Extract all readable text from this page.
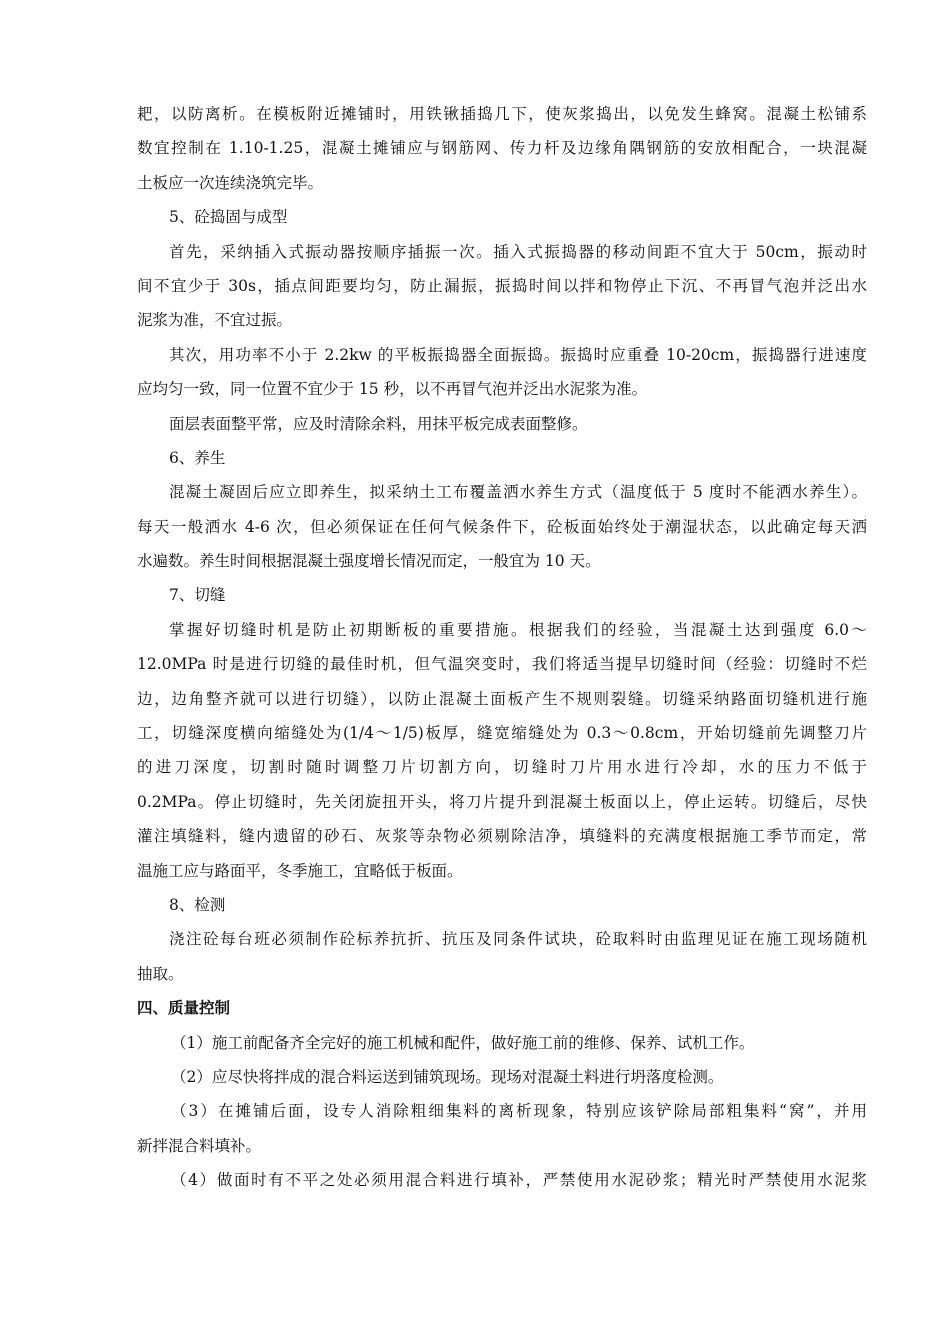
耙，以防离析。在模板附近摊铺时，用铁锹插捣几下，使灰浆捣出，以免发生蜂窝。混凝土松铺系
数宜控制在 1.10-1.25，混凝土摊铺应与钢筋网、传力杆及边缘角隅钢筋的安放相配合，一块混凝
土板应一次连续浇筑完毕。
5、砼捣固与成型
首先，采纳插入式振动器按顺序插振一次。插入式振捣器的移动间距不宜大于 50cm，振动时
间不宜少于 30s，插点间距要均匀，防止漏振，振捣时间以拌和物停止下沉、不再冒气泡并泛出水
泥浆为准，不宜过振。
其次，用功率不小于 2.2kw 的平板振捣器全面振捣。振捣时应重叠 10-20cm，振捣器行进速度
应均匀一致，同一位置不宜少于 15 秒，以不再冒气泡并泛出水泥浆为准。
面层表面整平常，应及时清除余料，用抹平板完成表面整修。
6、养生
混凝土凝固后应立即养生，拟采纳土工布覆盖洒水养生方式（温度低于 5 度时不能洒水养生）。
每天一般洒水 4-6 次，但必须保证在任何气候条件下，砼板面始终处于潮湿状态，以此确定每天洒
水遍数。养生时间根据混凝土强度增长情况而定，一般宜为 10 天。
7、切缝
掌握好切缝时机是防止初期断板的重要措施。根据我们的经验，当混凝土达到强度 6.0～
12.0MPa 时是进行切缝的最佳时机，但气温突变时，我们将适当提早切缝时间（经验：切缝时不烂
边，边角整齐就可以进行切缝），以防止混凝土面板产生不规则裂缝。切缝采纳路面切缝机进行施
工，切缝深度横向缩缝处为(1/4～1/5)板厚，缝宽缩缝处为 0.3～0.8cm，开始切缝前先调整刀片
的进刀深度，切割时随时调整刀片切割方向，切缝时刀片用水进行冷却，水的压力不低于
0.2MPa。停止切缝时，先关闭旋扭开头，将刀片提升到混凝土板面以上，停止运转。切缝后，尽快
灌注填缝料，缝内遗留的砂石、灰浆等杂物必须剔除洁净，填缝料的充满度根据施工季节而定，常
温施工应与路面平，冬季施工，宜略低于板面。
8、检测
浇注砼每台班必须制作砼标养抗折、抗压及同条件试块，砼取料时由监理见证在施工现场随机
抽取。
四、质量控制
（1）施工前配备齐全完好的施工机械和配件，做好施工前的维修、保养、试机工作。
（2）应尽快将拌成的混合料运送到铺筑现场。现场对混凝土料进行坍落度检测。
（3）在摊铺后面，设专人消除粗细集料的离析现象，特别应该铲除局部粗集料“窝”，并用
新拌混合料填补。
（4）做面时有不平之处必须用混合料进行填补，严禁使用水泥砂浆；精光时严禁使用水泥浆
